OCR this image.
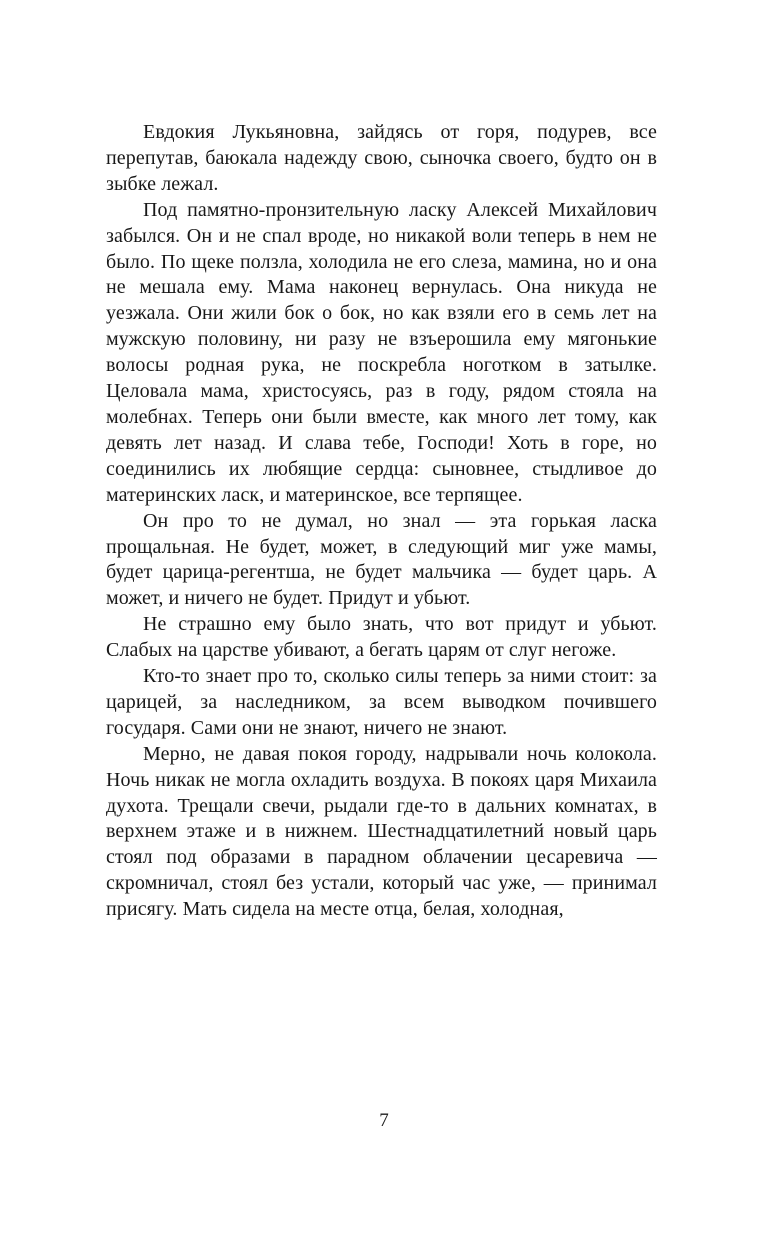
Евдокия Лукьяновна, зайдясь от горя, подурев, все перепутав, баюкала надежду свою, сыночка своего, будто он в зыбке лежал.

Под памятно-пронзительную ласку Алексей Михайлович забылся. Он и не спал вроде, но никакой воли теперь в нем не было. По щеке ползла, холодила не его слеза, мамина, но и она не мешала ему. Мама наконец вернулась. Она никуда не уезжала. Они жили бок о бок, но как взяли его в семь лет на мужскую половину, ни разу не взъерошила ему мягонькие волосы родная рука, не поскребла ноготком в затылке. Целовала мама, христосуясь, раз в году, рядом стояла на молебнах. Теперь они были вместе, как много лет тому, как девять лет назад. И слава тебе, Господи! Хоть в горе, но соединились их любящие сердца: сыновнее, стыдливое до материнских ласк, и материнское, все терпящее.

Он про то не думал, но знал — эта горькая ласка прощальная. Не будет, может, в следующий миг уже мамы, будет царица-регентша, не будет мальчика — будет царь. А может, и ничего не будет. Придут и убьют.

Не страшно ему было знать, что вот придут и убьют. Слабых на царстве убивают, а бегать царям от слуг негоже.

Кто-то знает про то, сколько силы теперь за ними стоит: за царицей, за наследником, за всем выводком почившего государя. Сами они не знают, ничего не знают.

Мерно, не давая покоя городу, надрывали ночь колокола. Ночь никак не могла охладить воздуха. В покоях царя Михаила духота. Трещали свечи, рыдали где-то в дальних комнатах, в верхнем этаже и в нижнем. Шестнадцатилетний новый царь стоял под образами в парадном облачении цесаревича — скромничал, стоял без устали, который час уже, — принимал присягу. Мать сидела на месте отца, белая, холодная,

7
